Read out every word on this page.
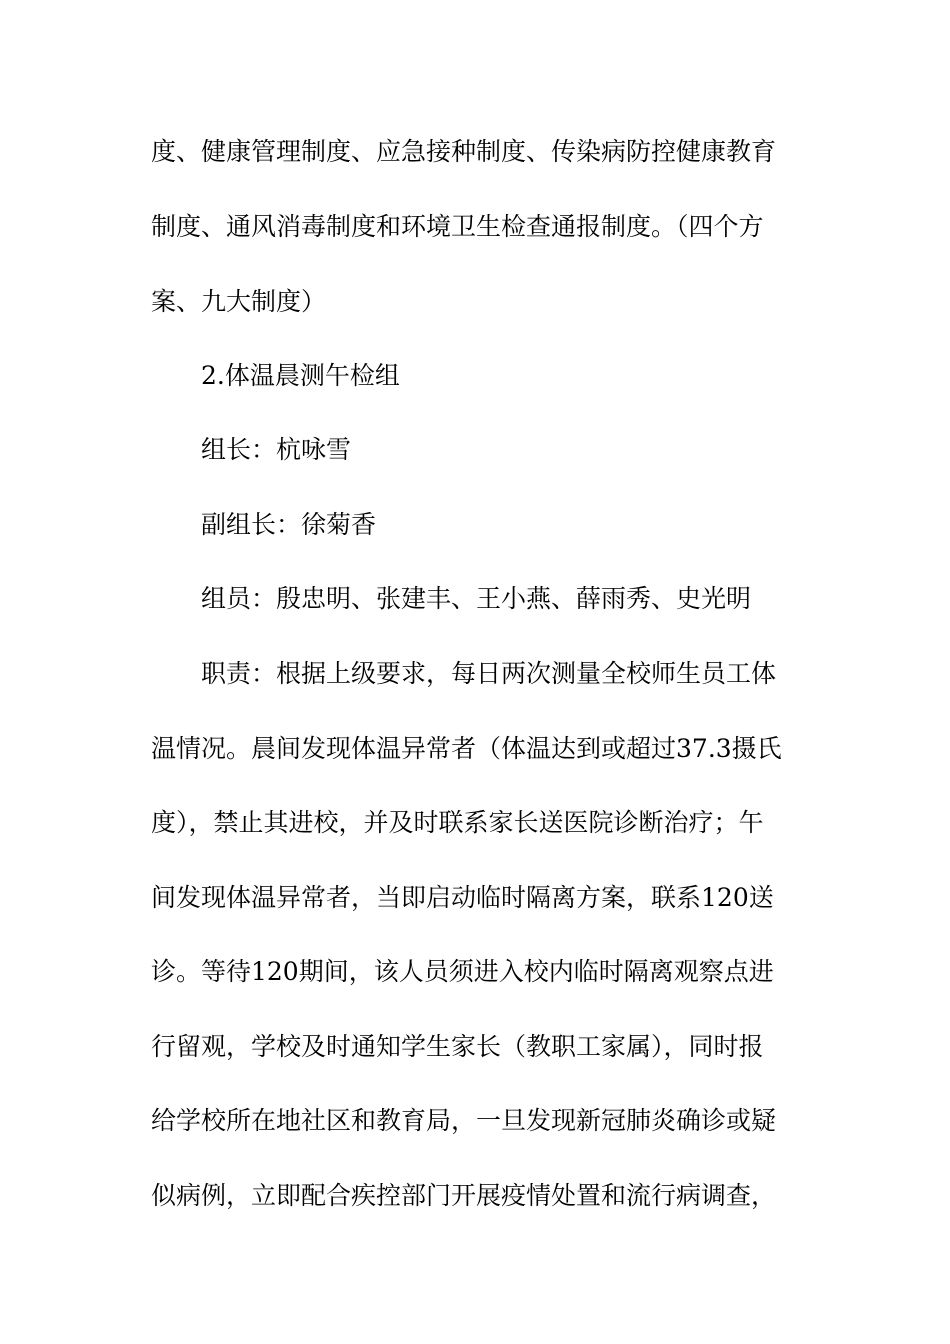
度、健康管理制度、应急接种制度、传染病防控健康教育
制度、通风消毒制度和环境卫生检查通报制度。（四个方
案、九大制度）
2.体温晨测午检组
组长：杭咏雪
副组长：徐菊香
组员：殷忠明、张建丰、王小燕、薛雨秀、史光明
职责：根据上级要求，每日两次测量全校师生员工体
温情况。晨间发现体温异常者（体温达到或超过37.3摄氏
度），禁止其进校，并及时联系家长送医院诊断治疗；午
间发现体温异常者，当即启动临时隔离方案，联系120送
诊。等待120期间，该人员须进入校内临时隔离观察点进
行留观，学校及时通知学生家长（教职工家属），同时报
给学校所在地社区和教育局，一旦发现新冠肺炎确诊或疑
似病例，立即配合疾控部门开展疫情处置和流行病调查，
